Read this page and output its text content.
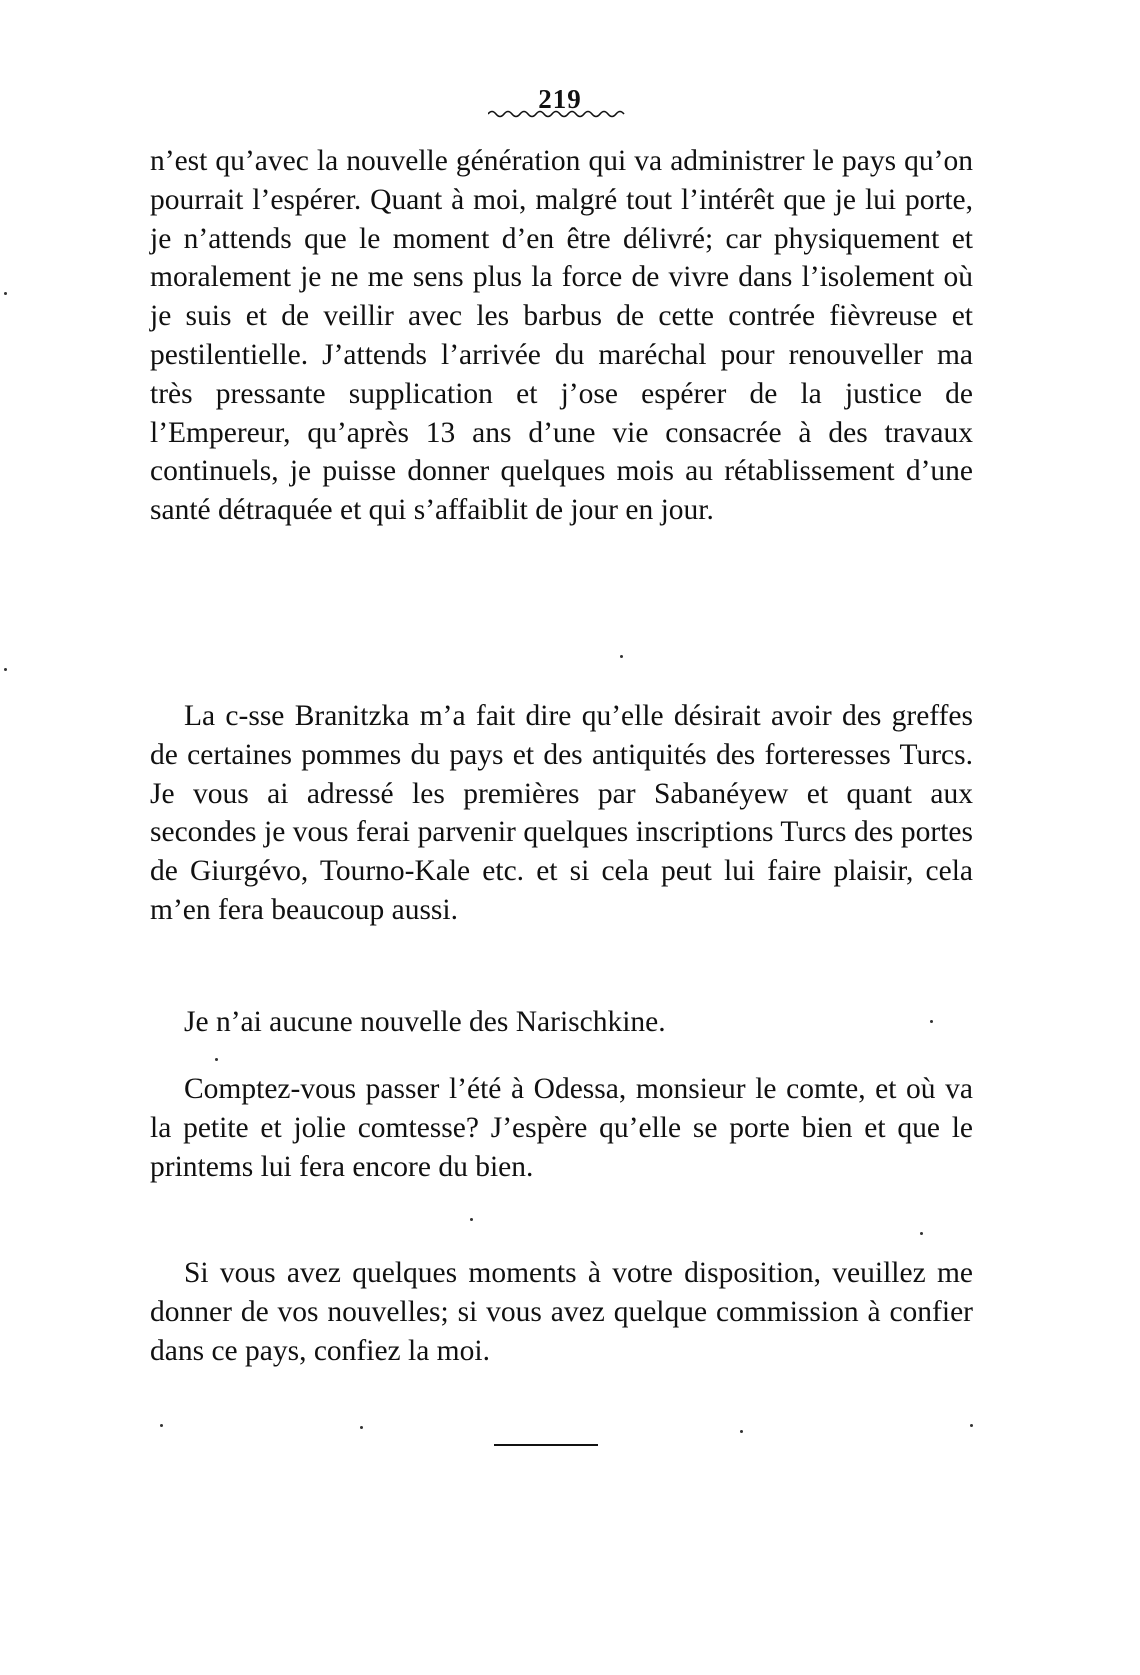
219

n’est qu’avec la nouvelle génération qui va administrer le pays qu’on pourrait l’espérer. Quant à moi, malgré tout l’intérêt que je lui porte, je n’attends que le moment d’en être délivré; car physiquement et moralement je ne me sens plus la force de vivre dans l’isolement où je suis et de veillir avec les barbus de cette contrée fièvreuse et pestilentielle. J’attends l’arrivée du maréchal pour renouveller ma très pressante supplication et j’ose espérer de la justice de l’Empereur, qu’après 13 ans d’une vie consacrée à des travaux continuels, je puisse donner quelques mois au rétablissement d’une santé détraquée et qui s’affaiblit de jour en jour.

La c-sse Branitzka m’a fait dire qu’elle désirait avoir des greffes de certaines pommes du pays et des antiquités des forteresses Turcs. Je vous ai adressé les premières par Sabanéyew et quant aux secondes je vous ferai parvenir quelques inscriptions Turcs des portes de Giurgévo, Tourno-Kale etc. et si cela peut lui faire plaisir, cela m’en fera beaucoup aussi.

Je n’ai aucune nouvelle des Narischkine.

Comptez-vous passer l’été à Odessa, monsieur le comte, et où va la petite et jolie comtesse? J’espère qu’elle se porte bien et que le printems lui fera encore du bien.

Si vous avez quelques moments à votre disposition, veuillez me donner de vos nouvelles; si vous avez quelque commission à confier dans ce pays, confiez la moi.
